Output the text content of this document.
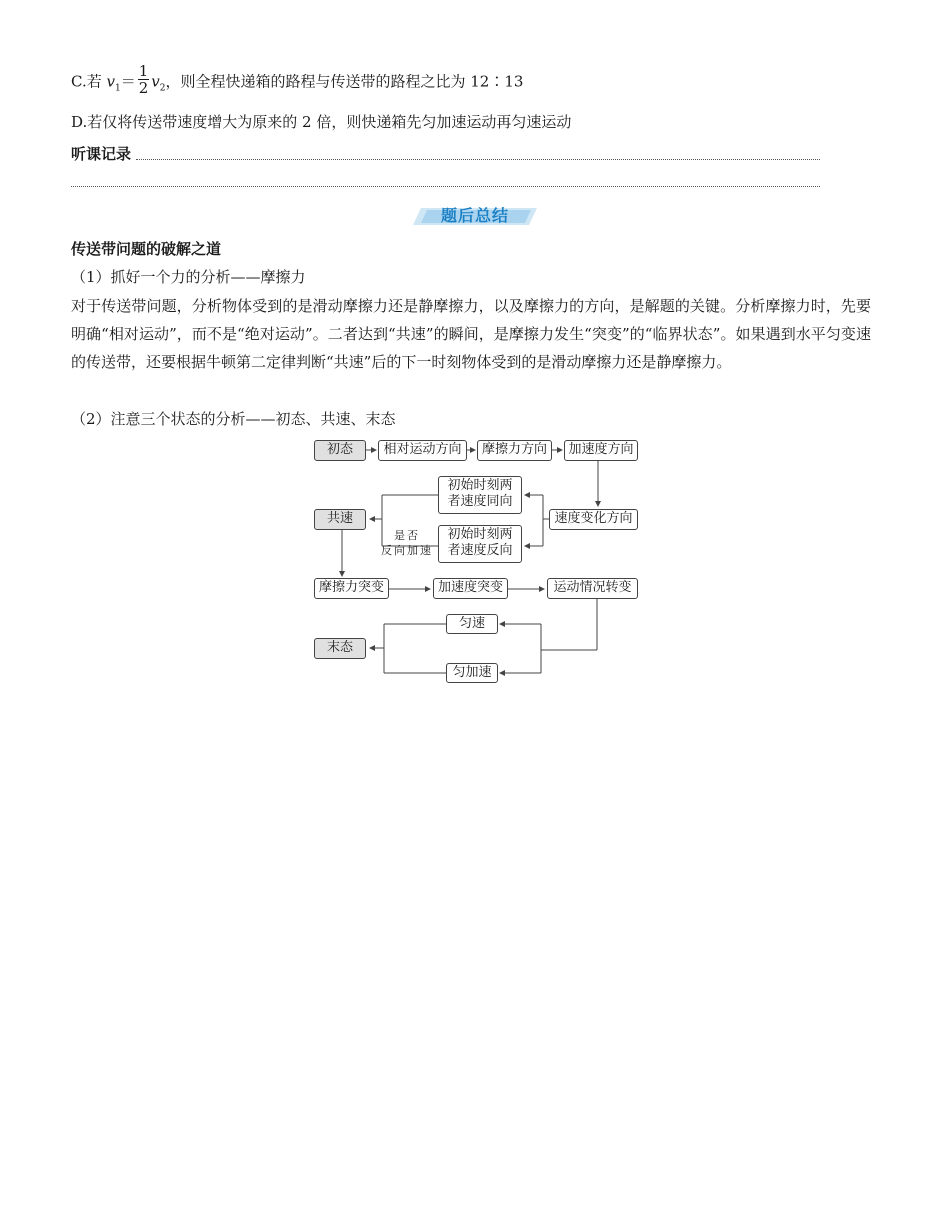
C.若 $v_1= \frac{1}{2} v_2$，则全程快递箱的路程与传送带的路程之比为 12∶13
D.若仅将传送带速度增大为原来的 2 倍，则快递箱先匀加速运动再匀速运动
听课记录
题后总结
传送带问题的破解之道
（1）抓好一个力的分析——摩擦力
对于传送带问题，分析物体受到的是滑动摩擦力还是静摩擦力，以及摩擦力的方向，是解题的关键。分析摩擦力时，先要明确“相对运动”，而不是“绝对运动”。二者达到“共速”的瞬间，是摩擦力发生“突变”的“临界状态”。如果遇到水平匀变速的传送带，还要根据牛顿第二定律判断“共速”后的下一时刻物体受到的是滑动摩擦力还是静摩擦力。
（2）注意三个状态的分析——初态、共速、末态
初态	相对运动方向	摩擦力方向	加速度方向
初始时刻两
者速度同向
初始时刻两
者速度反向
共速	速度变化方向
是否
反向加速
摩擦力突变	加速度突变	运动情况转变
匀速
末态
匀加速
